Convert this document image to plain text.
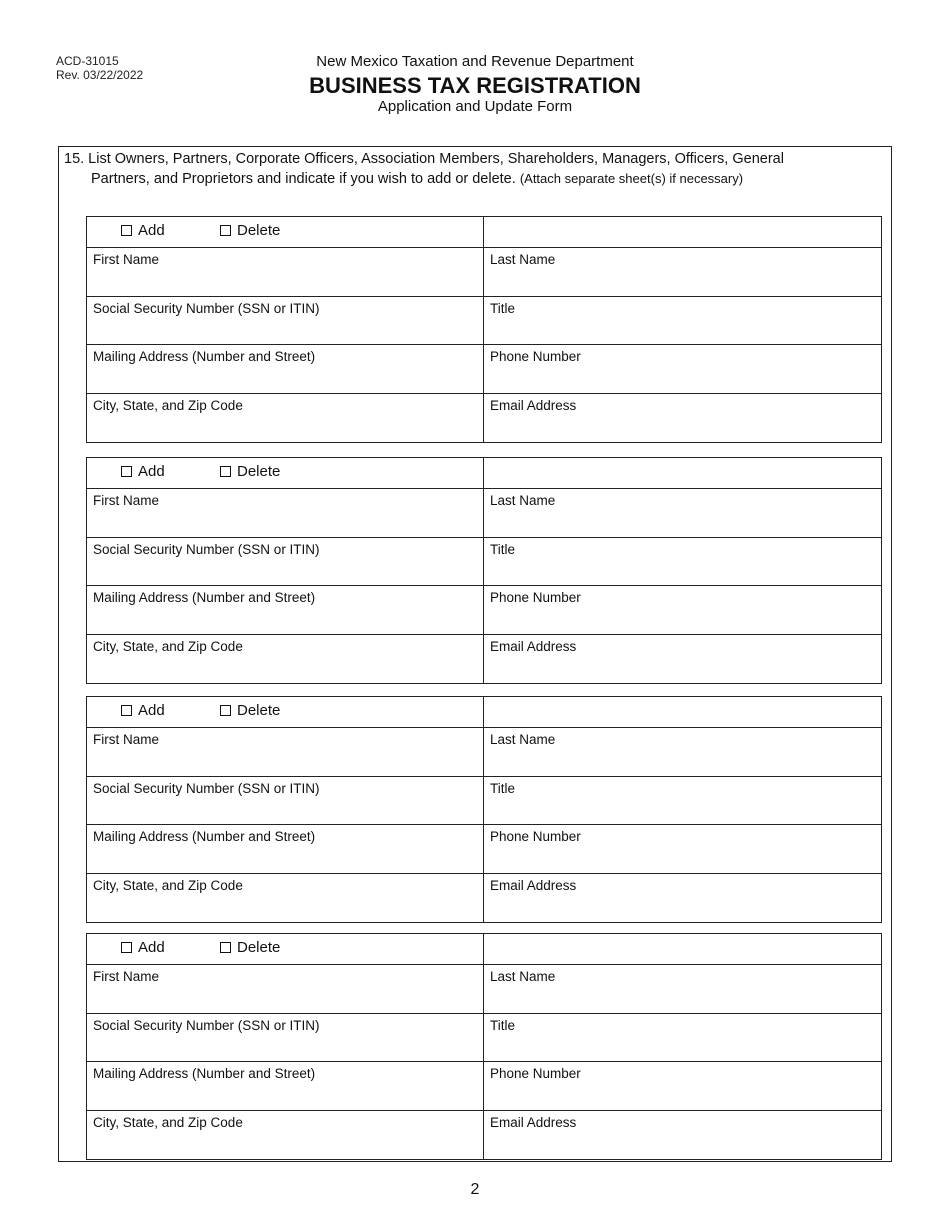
ACD-31015
Rev. 03/22/2022
New Mexico Taxation and Revenue Department
BUSINESS TAX REGISTRATION
Application and Update Form
15. List Owners, Partners, Corporate Officers, Association Members, Shareholders, Managers, Officers, General
Partners, and Proprietors and indicate if you wish to add or delete. (Attach separate sheet(s) if necessary)
Add	Delete
First Name	Last Name
Social Security Number (SSN or ITIN)	Title
Mailing Address (Number and Street)	Phone Number
City, State, and Zip Code	Email Address
Add	Delete
First Name	Last Name
Social Security Number (SSN or ITIN)	Title
Mailing Address (Number and Street)	Phone Number
City, State, and Zip Code	Email Address
Add	Delete
First Name	Last Name
Social Security Number (SSN or ITIN)	Title
Mailing Address (Number and Street)	Phone Number
City, State, and Zip Code	Email Address
Add	Delete
First Name	Last Name
Social Security Number (SSN or ITIN)	Title
Mailing Address (Number and Street)	Phone Number
City, State, and Zip Code	Email Address
2
